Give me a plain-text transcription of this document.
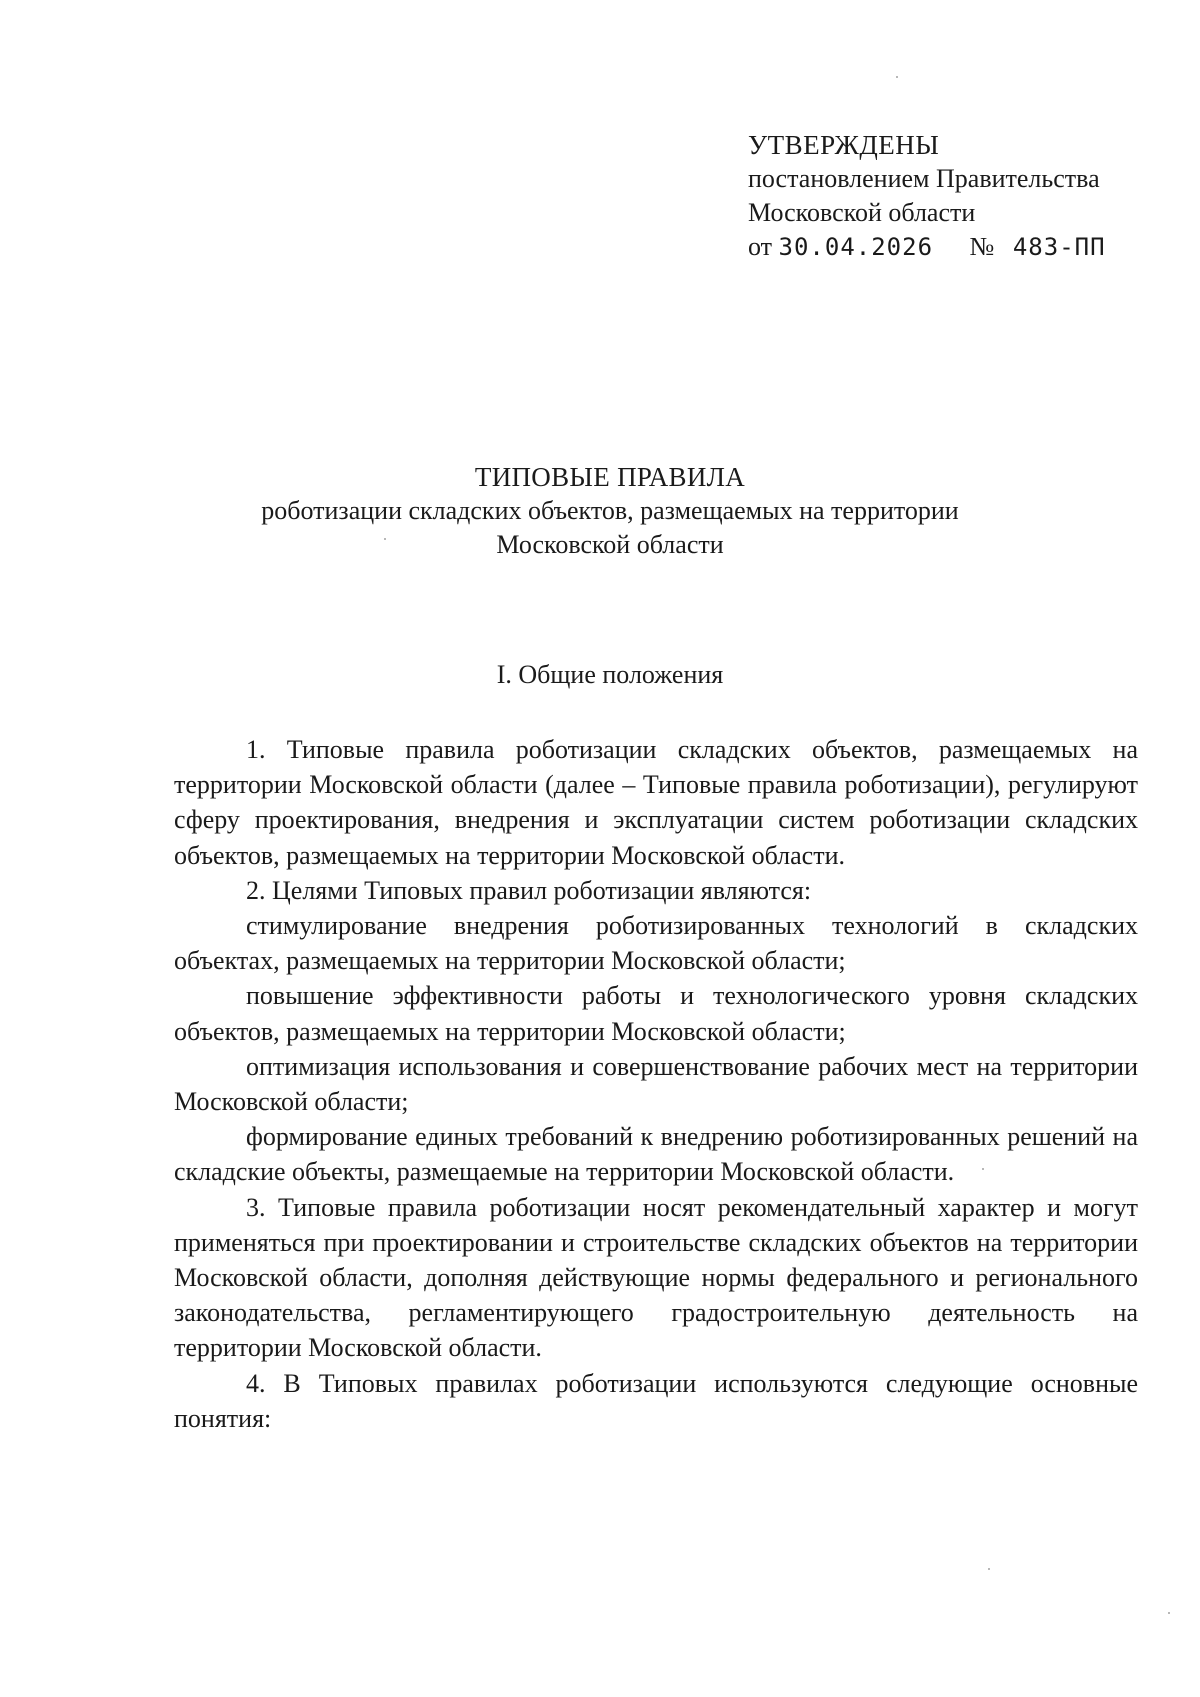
УТВЕРЖДЕНЫ
постановлением Правительства
Московской области
от 30.04.2026 № 483-ПП
ТИПОВЫЕ ПРАВИЛА
роботизации складских объектов, размещаемых на территории
Московской области
I. Общие положения

1. Типовые правила роботизации складских объектов, размещаемых на территории Московской области (далее – Типовые правила роботизации), регулируют сферу проектирования, внедрения и эксплуатации систем роботизации складских объектов, размещаемых на территории Московской области.

2. Целями Типовых правил роботизации являются:

стимулирование внедрения роботизированных технологий в складских объектах, размещаемых на территории Московской области;

повышение эффективности работы и технологического уровня складских объектов, размещаемых на территории Московской области;

оптимизация использования и совершенствование рабочих мест на территории Московской области;

формирование единых требований к внедрению роботизированных решений на складские объекты, размещаемые на территории Московской области.

3. Типовые правила роботизации носят рекомендательный характер и могут применяться при проектировании и строительстве складских объектов на территории Московской области, дополняя действующие нормы федерального и регионального законодательства, регламентирующего градостроительную деятельность на территории Московской области.

4. В Типовых правилах роботизации используются следующие основные понятия:
